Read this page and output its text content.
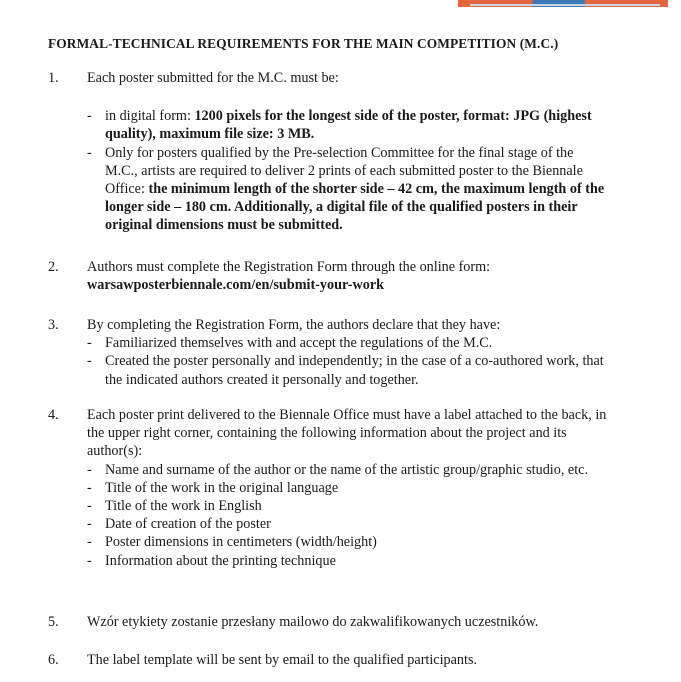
FORMAL-TECHNICAL REQUIREMENTS FOR THE MAIN COMPETITION (M.C.)
1.	Each poster submitted for the M.C. must be:

- in digital form: 1200 pixels for the longest side of the poster, format: JPG (highest quality), maximum file size: 3 MB.
- Only for posters qualified by the Pre-selection Committee for the final stage of the M.C., artists are required to deliver 2 prints of each submitted poster to the Biennale Office: the minimum length of the shorter side – 42 cm, the maximum length of the longer side – 180 cm. Additionally, a digital file of the qualified posters in their original dimensions must be submitted.
2.	Authors must complete the Registration Form through the online form:

warsawposterbiennale.com/en/submit-your-work

3.	By completing the Registration Form, the authors declare that they have:

- Familiarized themselves with and accept the regulations of the M.C.
- Created the poster personally and independently; in the case of a co-authored work, that the indicated authors created it personally and together.
4.	Each poster print delivered to the Biennale Office must have a label attached to the back, in the upper right corner, containing the following information about the project and its author(s):

- Name and surname of the author or the name of the artistic group/graphic studio, etc.
- Title of the work in the original language
- Title of the work in English
- Date of creation of the poster
- Poster dimensions in centimeters (width/height)
- Information about the printing technique
5.	Wzór etykiety zostanie przesłany mailowo do zakwalifikowanych uczestników.

6.	The label template will be sent by email to the qualified participants.
